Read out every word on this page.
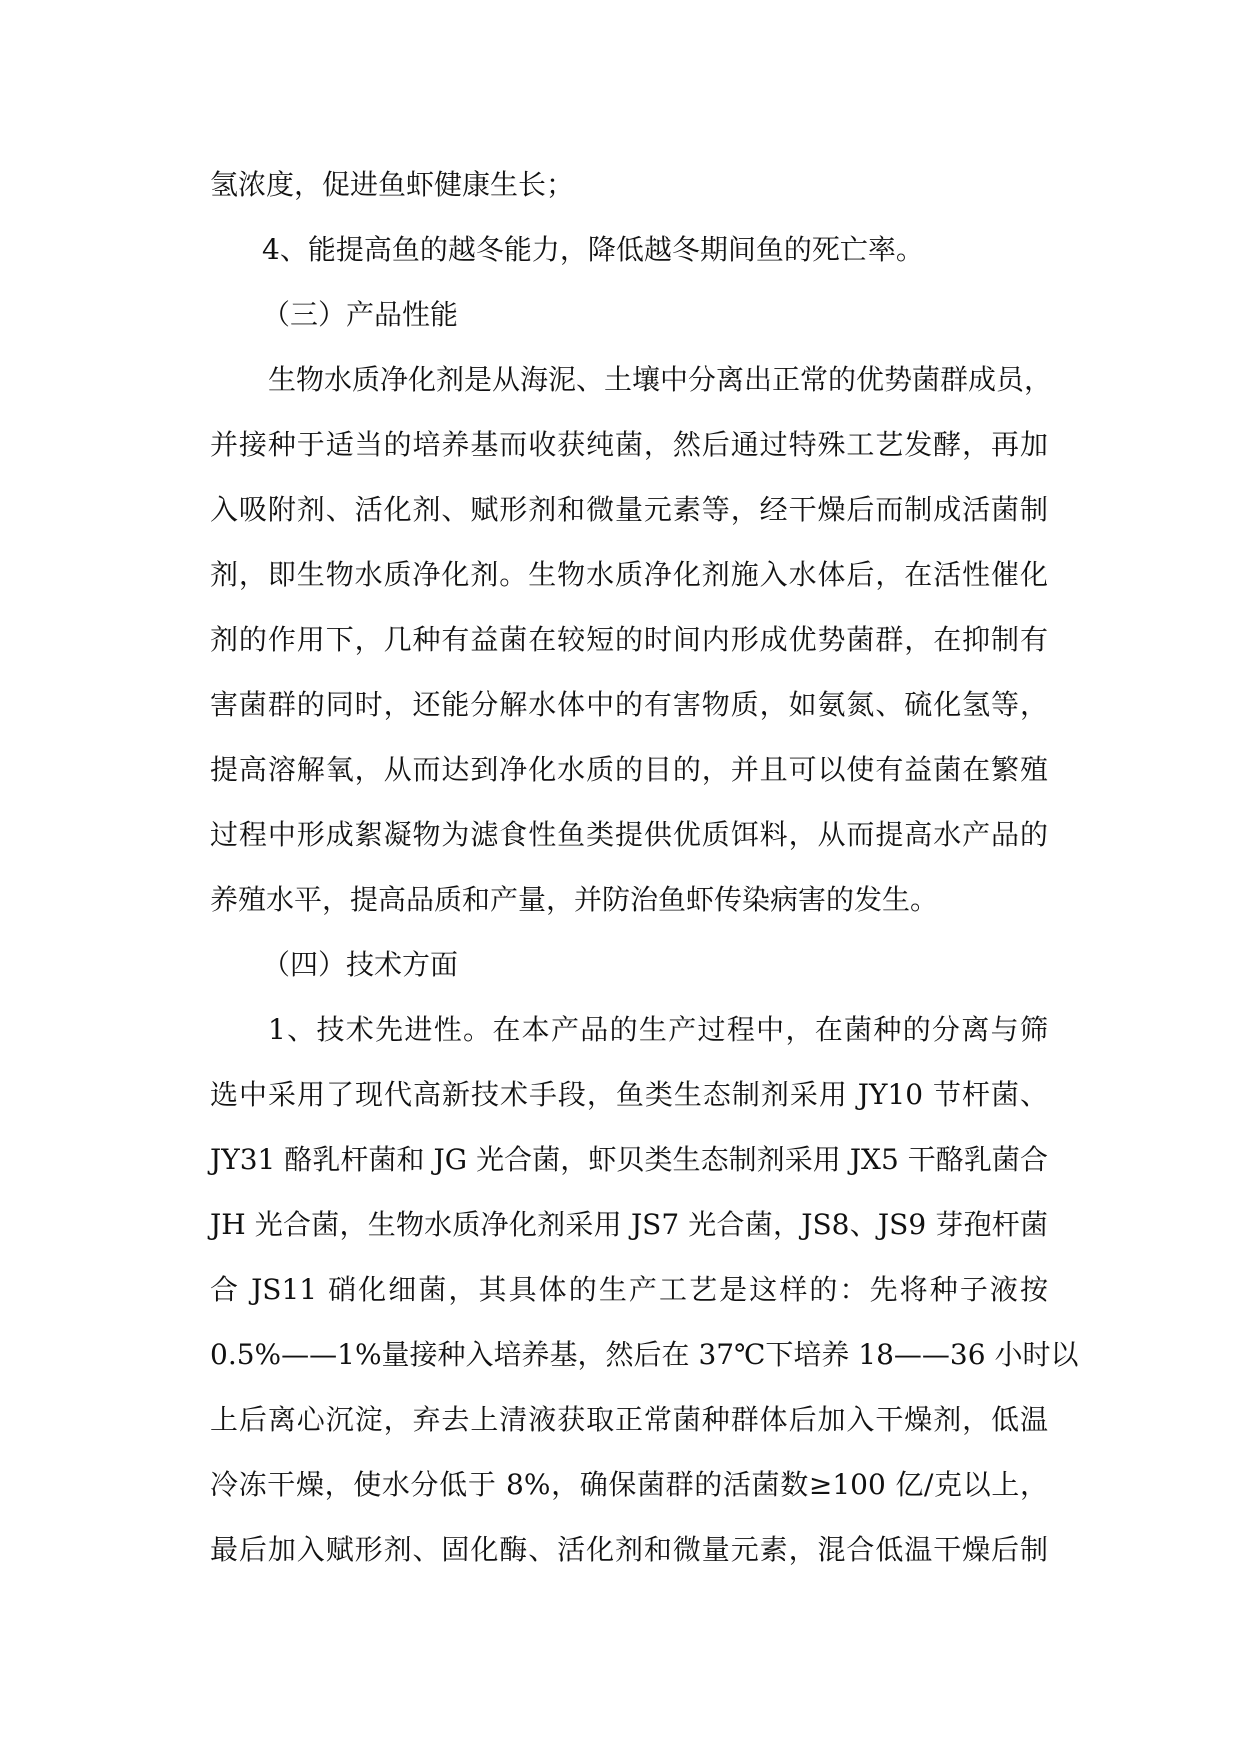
氢浓度，促进鱼虾健康生长；
4、能提高鱼的越冬能力，降低越冬期间鱼的死亡率。
（三）产品性能
生物水质净化剂是从海泥、土壤中分离出正常的优势菌群成员，
并接种于适当的培养基而收获纯菌，然后通过特殊工艺发酵，再加
入吸附剂、活化剂、赋形剂和微量元素等，经干燥后而制成活菌制
剂，即生物水质净化剂。生物水质净化剂施入水体后，在活性催化
剂的作用下，几种有益菌在较短的时间内形成优势菌群，在抑制有
害菌群的同时，还能分解水体中的有害物质，如氨氮、硫化氢等，
提高溶解氧，从而达到净化水质的目的，并且可以使有益菌在繁殖
过程中形成絮凝物为滤食性鱼类提供优质饵料，从而提高水产品的
养殖水平，提高品质和产量，并防治鱼虾传染病害的发生。
（四）技术方面
1、技术先进性。在本产品的生产过程中，在菌种的分离与筛
选中采用了现代高新技术手段，鱼类生态制剂采用 JY10 节杆菌、
JY31 酪乳杆菌和 JG 光合菌，虾贝类生态制剂采用 JX5 干酪乳菌合
JH 光合菌，生物水质净化剂采用 JS7 光合菌，JS8、JS9 芽孢杆菌
合 JS11 硝化细菌，其具体的生产工艺是这样的：先将种子液按
0.5%——1%量接种入培养基，然后在 37℃下培养 18——36 小时以
上后离心沉淀，弃去上清液获取正常菌种群体后加入干燥剂，低温
冷冻干燥，使水分低于 8%，确保菌群的活菌数≥100 亿/克以上，
最后加入赋形剂、固化酶、活化剂和微量元素，混合低温干燥后制
